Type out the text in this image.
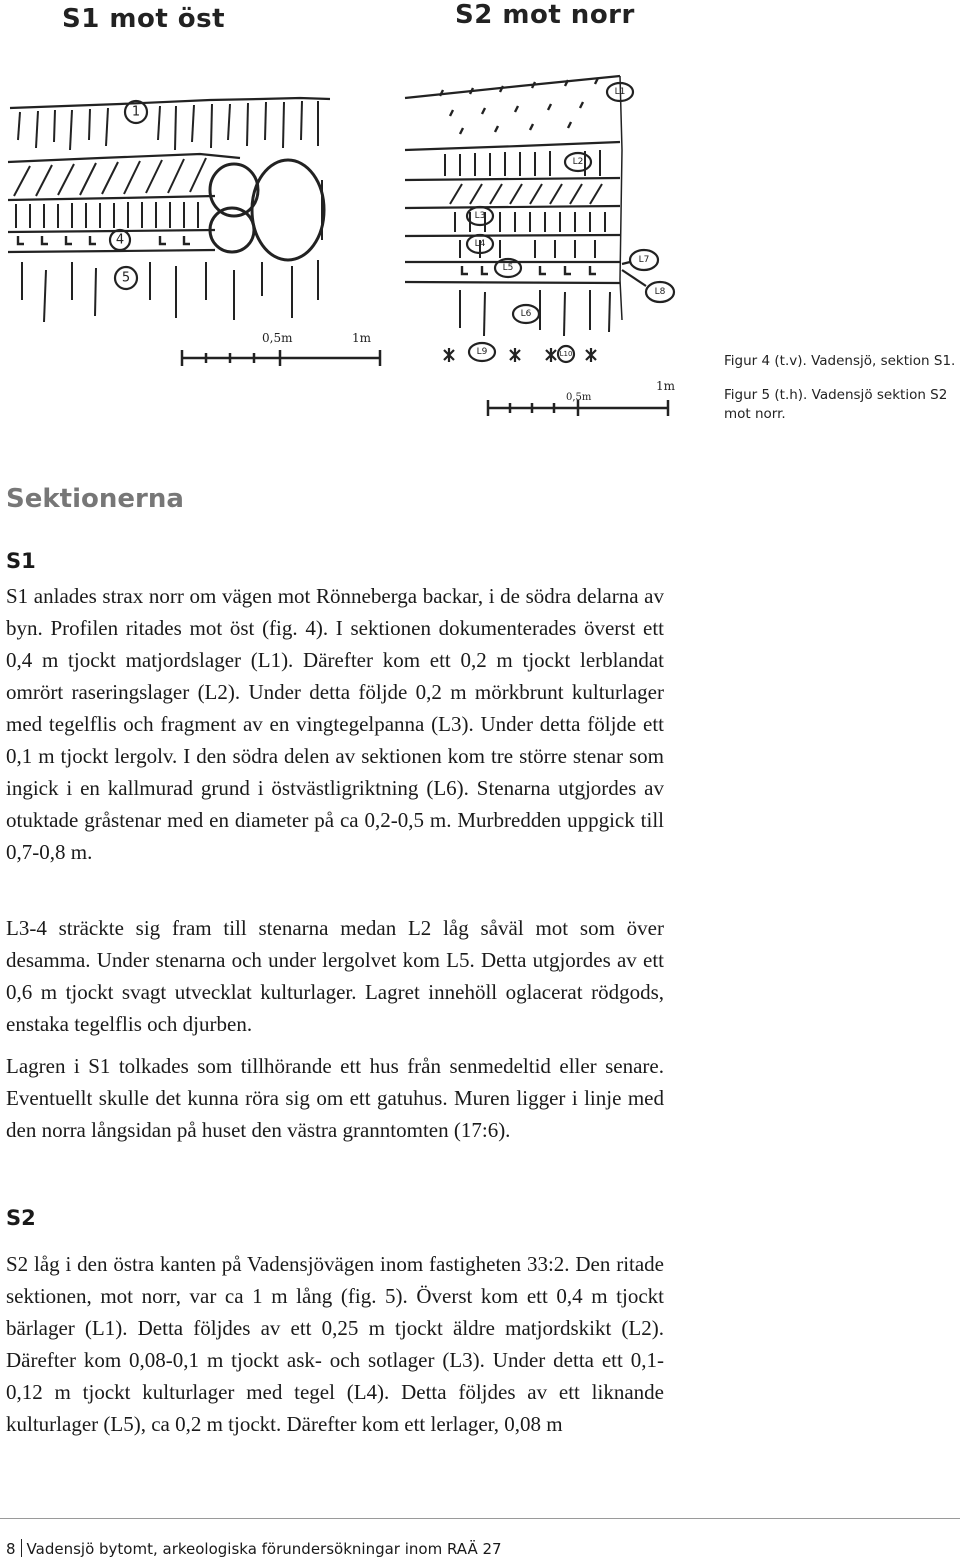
S1 mot öst	S2 mot norr
1
4
5
0,5m	1m
L1
L2
L3
L4
L5
L6
L7
L8
L9	L10
0,5m
1m
Figur 4 (t.v). Vadensjö, sektion S1.
Figur 5 (t.h). Vadensjö sektion S2 mot norr.
Sektionerna
S1

S1 anlades strax norr om vägen mot Rönneberga backar, i de södra delarna av byn. Profilen ritades mot öst (fig. 4). I sektionen dokumenterades överst ett 0,4 m tjockt matjordslager (L1). Därefter kom ett 0,2 m tjockt lerblandat omrört raseringslager (L2). Under detta följde 0,2 m mörkbrunt kulturlager med tegelflis och fragment av en vingtegelpanna (L3). Under detta följde ett 0,1 m tjockt lergolv. I den södra delen av sektionen kom tre större stenar som ingick i en kallmurad grund i östvästligriktning (L6). Stenarna utgjordes av otuktade gråstenar med en diameter på ca 0,2-0,5 m. Murbredden uppgick till 0,7-0,8 m.

L3-4 sträckte sig fram till stenarna medan L2 låg såväl mot som över desamma. Under stenarna och under lergolvet kom L5. Detta utgjordes av ett 0,6 m tjockt svagt utvecklat kulturlager. Lagret innehöll oglacerat rödgods, enstaka tegelflis och djurben.

Lagren i S1 tolkades som tillhörande ett hus från senmedeltid eller senare. Eventuellt skulle det kunna röra sig om ett gatuhus. Muren ligger i linje med den norra långsidan på huset den västra granntomten (17:6).

S2

S2 låg i den östra kanten på Vadensjövägen inom fastigheten 33:2. Den ritade sektionen, mot norr, var ca 1 m lång (fig. 5). Överst kom ett 0,4 m tjockt bärlager (L1). Detta följdes av ett 0,25 m tjockt äldre matjordskikt (L2). Därefter kom 0,08-0,1 m tjockt ask- och sotlager (L3). Under detta ett 0,1-0,12 m tjockt kulturlager med tegel (L4). Detta följdes av ett liknande kulturlager (L5), ca 0,2 m tjockt. Därefter kom ett lerlager, 0,08 m

8 Vadensjö bytomt, arkeologiska förundersökningar inom RAÄ 27
